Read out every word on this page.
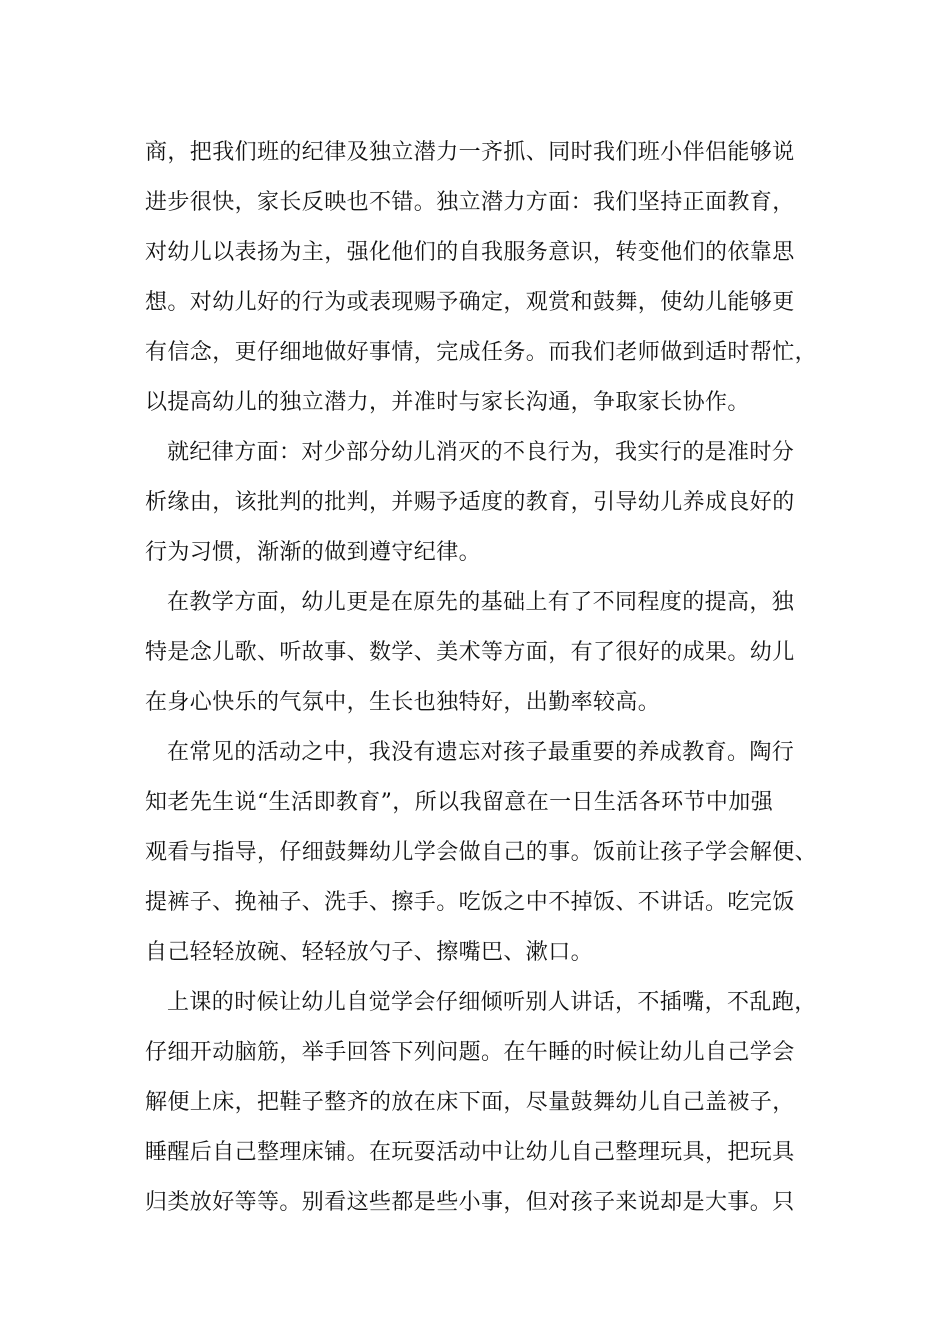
商，把我们班的纪律及独立潜力一齐抓、同时我们班小伴侣能够说
进步很快，家长反映也不错。独立潜力方面：我们坚持正面教育，
对幼儿以表扬为主，强化他们的自我服务意识，转变他们的依靠思
想。对幼儿好的行为或表现赐予确定，观赏和鼓舞，使幼儿能够更
有信念，更仔细地做好事情，完成任务。而我们老师做到适时帮忙，
以提高幼儿的独立潜力，并准时与家长沟通，争取家长协作。
就纪律方面：对少部分幼儿消灭的不良行为，我实行的是准时分
析缘由，该批判的批判，并赐予适度的教育，引导幼儿养成良好的
行为习惯，渐渐的做到遵守纪律。
在教学方面，幼儿更是在原先的基础上有了不同程度的提高，独
特是念儿歌、听故事、数学、美术等方面，有了很好的成果。幼儿
在身心快乐的气氛中，生长也独特好，出勤率较高。
在常见的活动之中，我没有遗忘对孩子最重要的养成教育。陶行
知老先生说“生活即教育”，所以我留意在一日生活各环节中加强
观看与指导，仔细鼓舞幼儿学会做自己的事。饭前让孩子学会解便、
提裤子、挽袖子、洗手、擦手。吃饭之中不掉饭、不讲话。吃完饭
自己轻轻放碗、轻轻放勺子、擦嘴巴、漱口。
上课的时候让幼儿自觉学会仔细倾听别人讲话，不插嘴，不乱跑，
仔细开动脑筋，举手回答下列问题。在午睡的时候让幼儿自己学会
解便上床，把鞋子整齐的放在床下面，尽量鼓舞幼儿自己盖被子，
睡醒后自己整理床铺。在玩耍活动中让幼儿自己整理玩具，把玩具
归类放好等等。别看这些都是些小事，但对孩子来说却是大事。只
